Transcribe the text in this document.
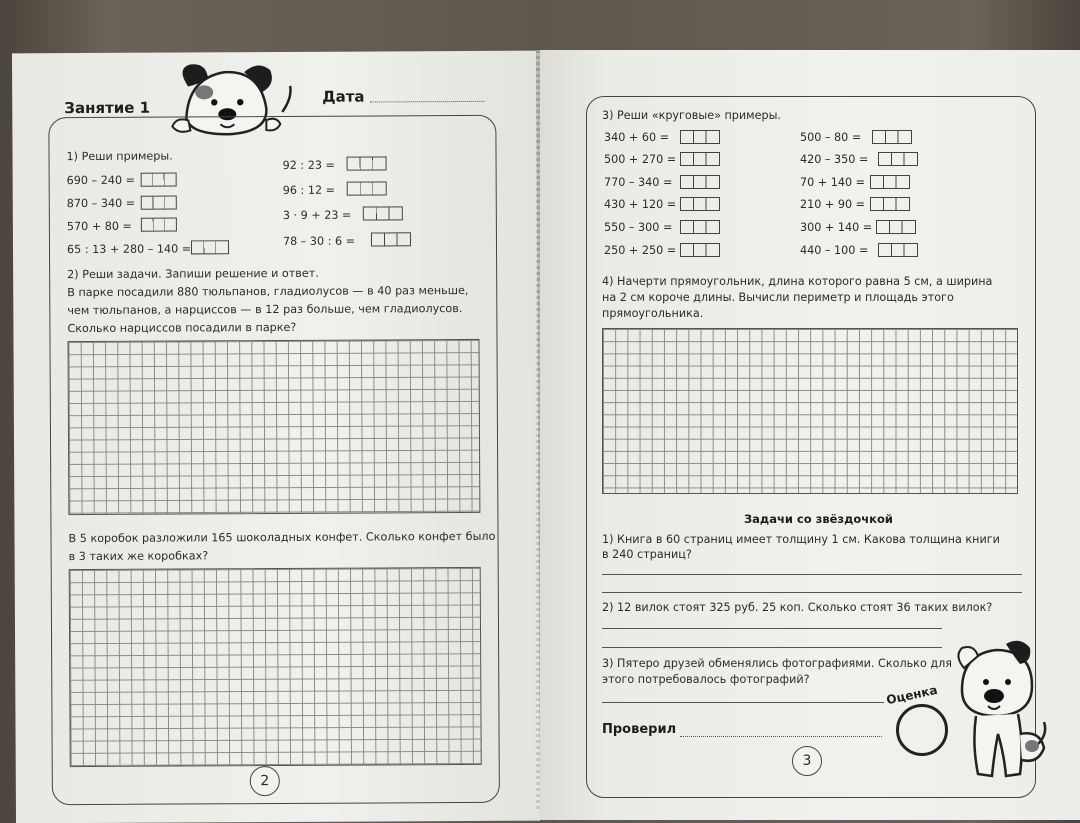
Занятие 1
Дата
1) Реши примеры.
690 – 240 =
870 – 340 =
570 + 80 =
65 : 13 + 280 – 140 =
92 : 23 =
96 : 12 =
3 · 9 + 23 =
78 – 30 : 6 =
2) Реши задачи. Запиши решение и ответ.
В парке посадили 880 тюльпанов, гладиолусов — в 40 раз меньше,
чем тюльпанов, а нарциссов — в 12 раз больше, чем гладиолусов.
Сколько нарциссов посадили в парке?
В 5 коробок разложили 165 шоколадных конфет. Сколько конфет было
в 3 таких же коробках?
2
3) Реши «круговые» примеры.
340 + 60 =
500 + 270 =
770 – 340 =
430 + 120 =
550 – 300 =
250 + 250 =
500 – 80 =
420 – 350 =
70 + 140 =
210 + 90 =
300 + 140 =
440 – 100 =
4) Начерти прямоугольник, длина которого равна 5 см, а ширина
на 2 см короче длины. Вычисли периметр и площадь этого
прямоугольника.
Задачи со звёздочкой
1) Книга в 60 страниц имеет толщину 1 см. Какова толщина книги
в 240 страниц?
2) 12 вилок стоят 325 руб. 25 коп. Сколько стоят 36 таких вилок?
3) Пятеро друзей обменялись фотографиями. Сколько для
этого потребовалось фотографий?
Оценка
Проверил
3
